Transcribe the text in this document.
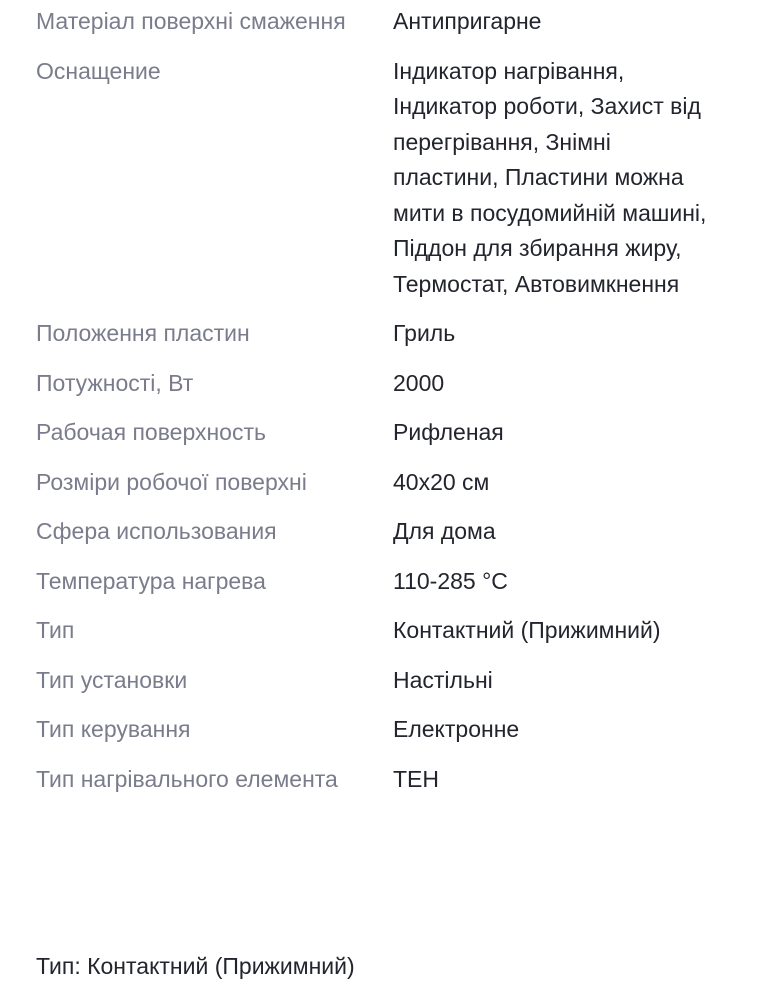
Матеріал поверхні смаження	Антипригарне
Оснащение	Індикатор нагрівання, Індикатор роботи, Захист від перегрівання, Знімні пластини, Пластини можна мити в посудомийній машині, Піддон для збирання жиру, Термостат, Автовимкнення
Положення пластин	Гриль
Потужності, Вт	2000
Рабочая поверхность	Рифленая
Розміри робочої поверхні	40x20 см
Сфера использования	Для дома
Температура нагрева	110-285 °C
Тип	Контактний (Прижимний)
Тип установки	Настільні
Тип керування	Електронне
Тип нагрівального елемента	ТЕН

Тип: Контактний (Прижимний)
